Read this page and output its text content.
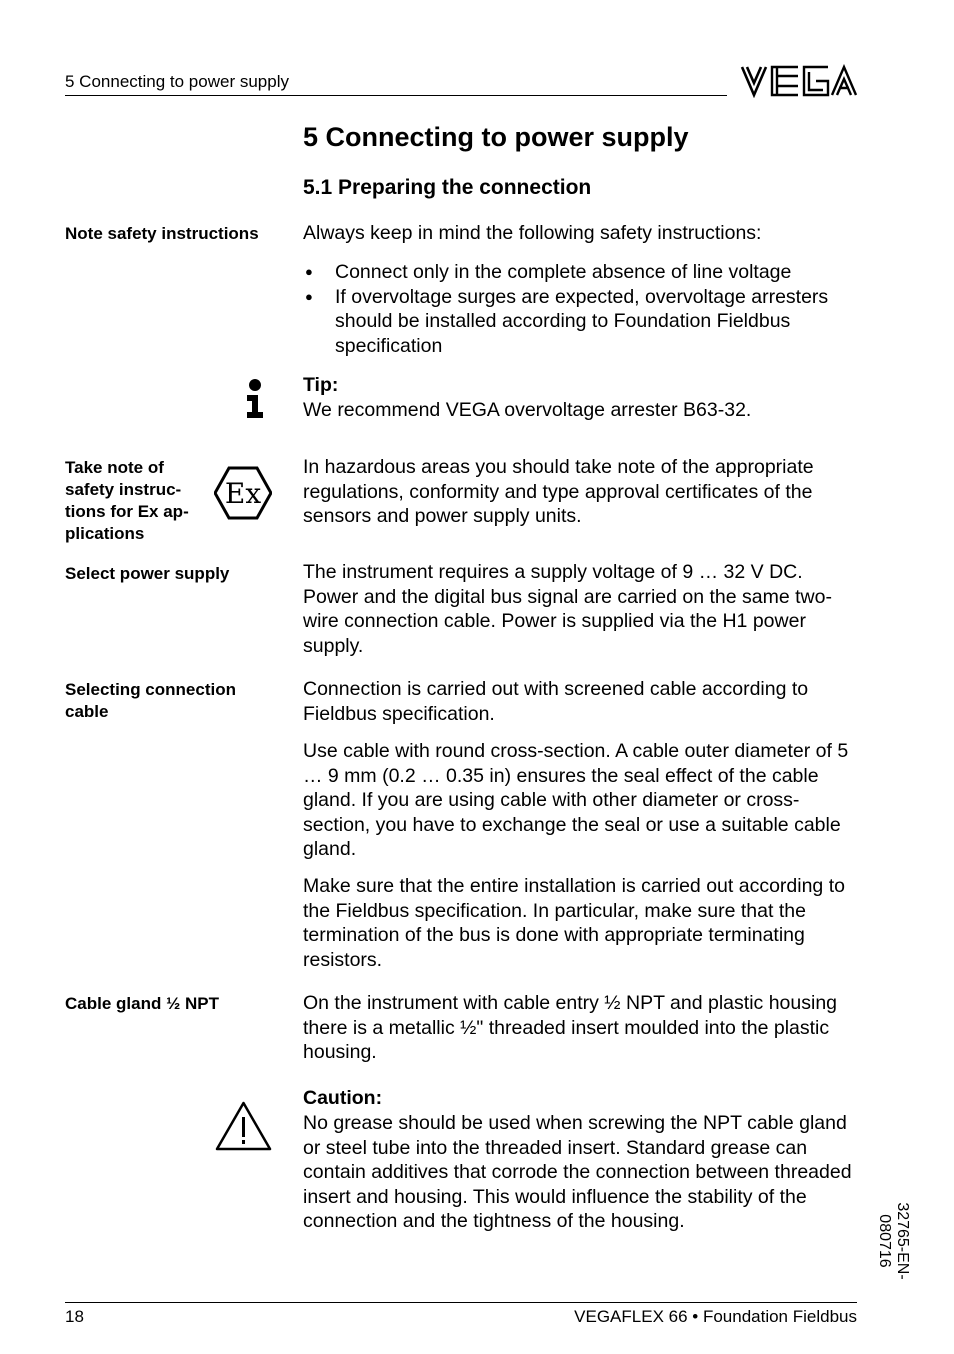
5 Connecting to power supply	VEGA
5 Connecting to power supply
5.1 Preparing the connection
Note safety instructions	Always keep in mind the following safety instructions:
● Connect only in the complete absence of line voltage
● If overvoltage surges are expected, overvoltage arresters should be installed according to Foundation Fieldbus specification
Tip:
We recommend VEGA overvoltage arrester B63-32.
Take note of safety instruc-tions for Ex ap-plications
Ex
In hazardous areas you should take note of the appropriate regulations, conformity and type approval certificates of the sensors and power supply units.
Select power supply	The instrument requires a supply voltage of 9 … 32 V DC. Power and the digital bus signal are carried on the same two-wire connection cable. Power is supplied via the H1 power supply.
Selecting connection cable
Connection is carried out with screened cable according to Fieldbus specification.
Use cable with round cross-section. A cable outer diameter of 5 … 9 mm (0.2 … 0.35 in) ensures the seal effect of the cable gland. If you are using cable with other diameter or cross-section, you have to exchange the seal or use a suitable cable gland.
Make sure that the entire installation is carried out according to the Fieldbus specification. In particular, make sure that the termination of the bus is done with appropriate terminating resistors.
Cable gland ½ NPT	On the instrument with cable entry ½ NPT and plastic housing there is a metallic ½" threaded insert moulded into the plastic housing.
Caution:
No grease should be used when screwing the NPT cable gland or steel tube into the threaded insert. Standard grease can contain additives that corrode the connection between threaded insert and housing. This would influence the stability of the connection and the tightness of the housing.	32765-EN-080716
18	VEGAFLEX 66 • Foundation Fieldbus
